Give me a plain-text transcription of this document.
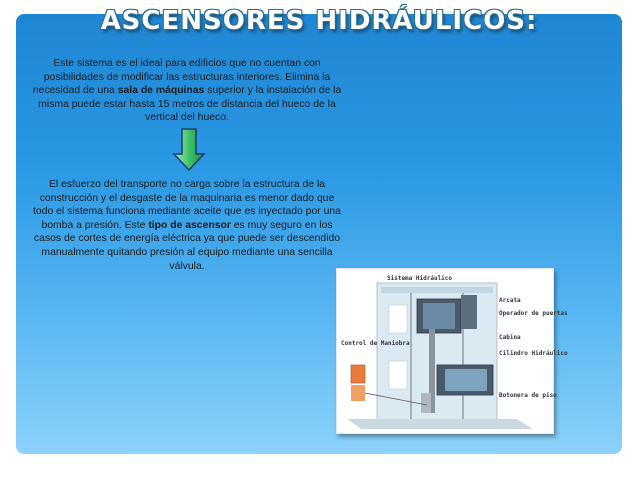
ASCENSORES HIDRÁULICOS:
Este sistema es el ideal para edificios que no cuentan con posibilidades de modificar las estructuras interiores. Elimina la necesidad de una sala de máquinas superior y la instalación de la misma puede estar hasta 15 metros de distancia del hueco de la vertical del hueco.
El esfuerzo del transporte no carga sobre la estructura de la construcción y el desgaste de la maquinaria es menor dado que todo el sistema funciona mediante aceite que es inyectado por una bomba a presión. Este tipo de ascensor es muy seguro en los casos de cortes de energía eléctrica ya que puede ser descendido manualmente quitando presión al equipo mediante una sencilla válvula.
Sistema Hidráulico
Arcata
Operador de puertas
Cabina
Cilindro Hidráulico
Botonera de piso
Control de Maniobra
